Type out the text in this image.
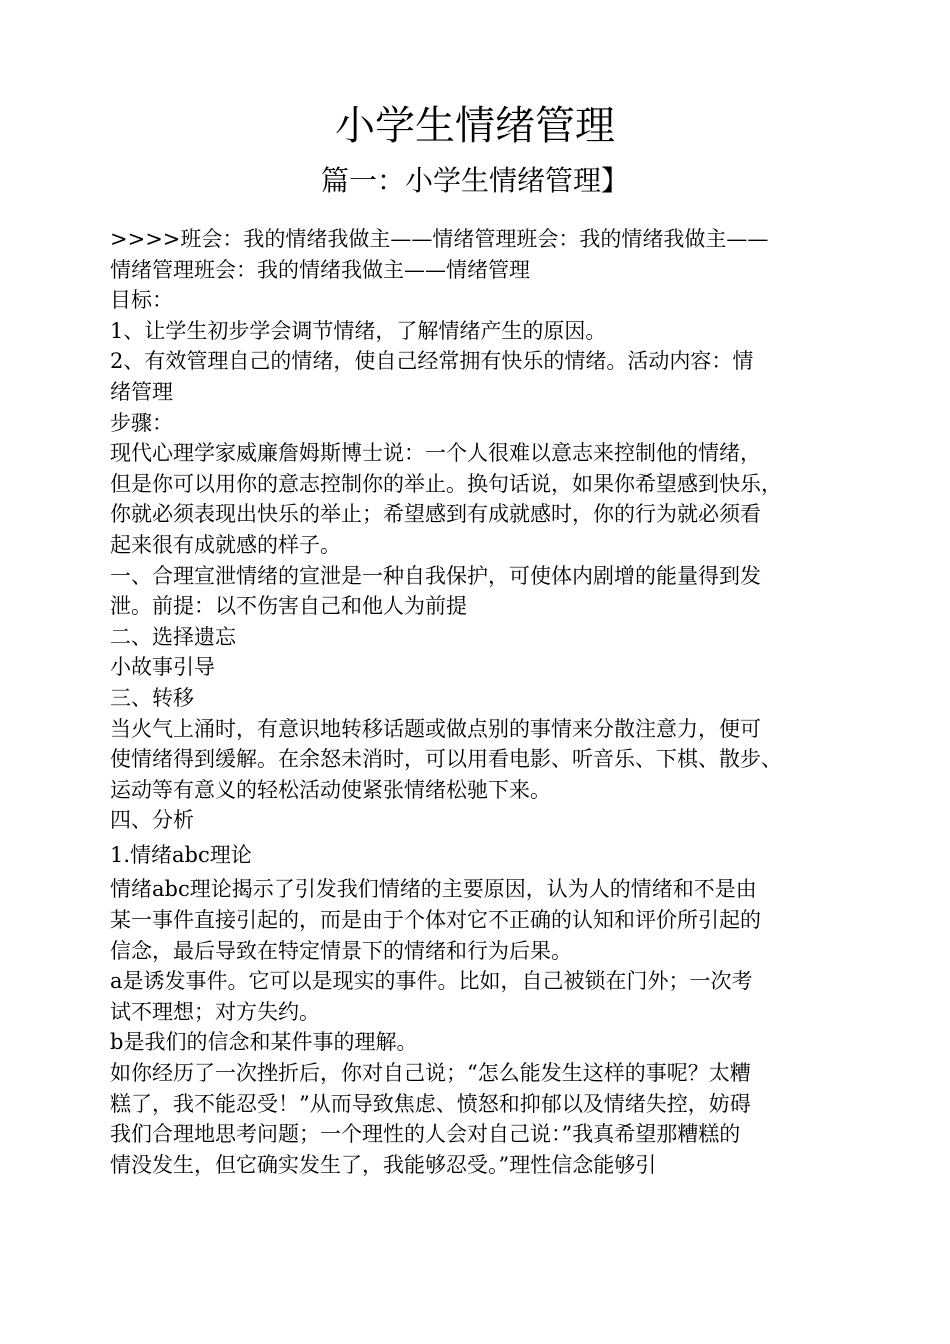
小学生情绪管理
篇一：小学生情绪管理】
>>>>班会：我的情绪我做主——情绪管理班会：我的情绪我做主——
情绪管理班会：我的情绪我做主——情绪管理
目标：
1、让学生初步学会调节情绪，了解情绪产生的原因。
2、有效管理自己的情绪，使自己经常拥有快乐的情绪。活动内容：情
绪管理
步骤：
现代心理学家威廉詹姆斯博士说：一个人很难以意志来控制他的情绪，
但是你可以用你的意志控制你的举止。换句话说，如果你希望感到快乐，
你就必须表现出快乐的举止；希望感到有成就感时，你的行为就必须看
起来很有成就感的样子。
一、合理宣泄情绪的宣泄是一种自我保护，可使体内剧增的能量得到发
泄。前提：以不伤害自己和他人为前提
二、选择遗忘
小故事引导
三、转移
当火气上涌时，有意识地转移话题或做点别的事情来分散注意力，便可
使情绪得到缓解。在余怒未消时，可以用看电影、听音乐、下棋、散步、
运动等有意义的轻松活动使紧张情绪松驰下来。
四、分析
1.情绪abc理论
情绪abc理论揭示了引发我们情绪的主要原因，认为人的情绪和不是由
某一事件直接引起的，而是由于个体对它不正确的认知和评价所引起的
信念，最后导致在特定情景下的情绪和行为后果。
a是诱发事件。它可以是现实的事件。比如，自己被锁在门外；一次考
试不理想；对方失约。
b是我们的信念和某件事的理解。
如你经历了一次挫折后，你对自己说；“怎么能发生这样的事呢？太糟
糕了，我不能忍受！”从而导致焦虑、愤怒和抑郁以及情绪失控，妨碍
我们合理地思考问题；一个理性的人会对自己说：”我真希望那糟糕的
情没发生，但它确实发生了，我能够忍受。”理性信念能够引
